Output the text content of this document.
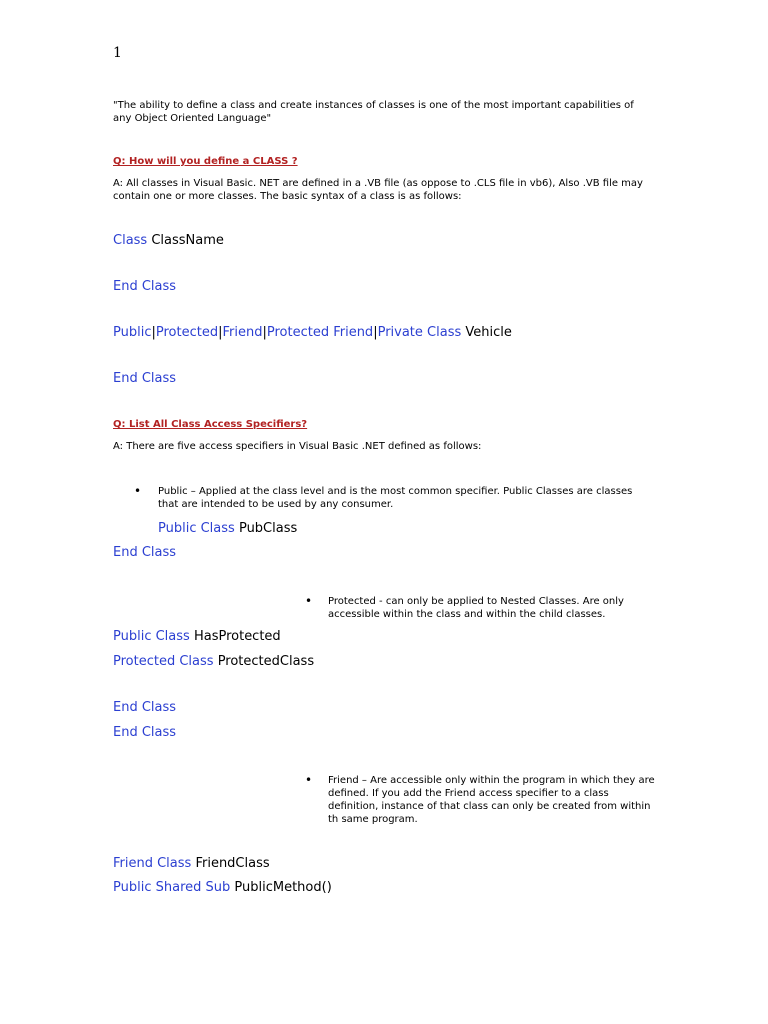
1
"The ability to define a class and create instances of classes is one of the most important capabilities of any Object Oriented Language"
Q: How will you define a CLASS ?
A: All classes in Visual Basic. NET are defined in a .VB file (as oppose to .CLS file in vb6), Also .VB file may contain one or more classes. The basic syntax of a class is as follows:
Class ClassName
End Class
Public|Protected|Friend|Protected Friend|Private Class Vehicle
End Class
Q: List All Class Access Specifiers?
A: There are five access specifiers in Visual Basic .NET defined as follows:
• Public – Applied at the class level and is the most common specifier. Public Classes are classes that are intended to be used by any consumer.
Public Class PubClass
End Class
• Protected - can only be applied to Nested Classes. Are only accessible within the class and within the child classes.
Public Class HasProtected
Protected Class ProtectedClass
End Class
End Class
• Friend – Are accessible only within the program in which they are defined. If you add the Friend access specifier to a class definition, instance of that class can only be created from within th same program.
Friend Class FriendClass
Public Shared Sub PublicMethod()
